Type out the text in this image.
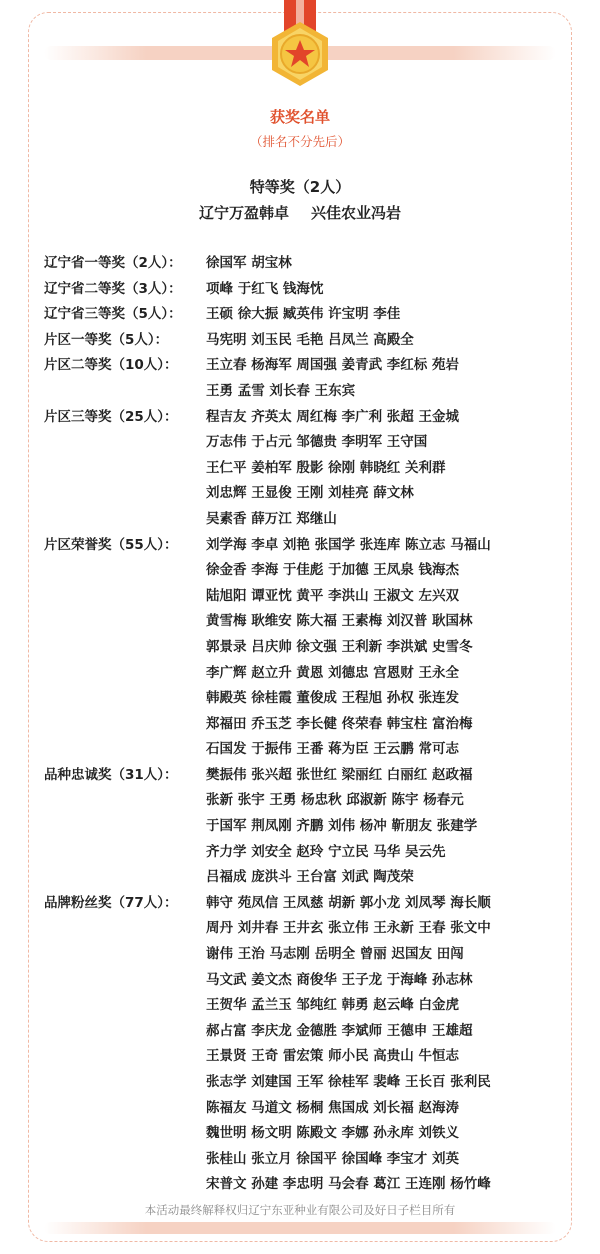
获奖名单
（排名不分先后）
特等奖（2人）
辽宁万盈韩卓 兴佳农业冯岩
辽宁省一等奖（2人）：	徐国军 胡宝林
辽宁省二等奖（3人）：	项峰 于红飞 钱海忱
辽宁省三等奖（5人）：	王硕 徐大振 臧英伟 许宝明 李佳
片区一等奖（5人）：	马宪明 刘玉民 毛艳 吕凤兰 高殿全
片区二等奖（10人）：	王立春 杨海军 周国强 姜青武 李红标 苑岩
王勇 孟雪 刘长春 王东宾
片区三等奖（25人）：	程吉友 齐英太 周红梅 李广利 张超 王金城
万志伟 于占元 邹德贵 李明军 王守国
王仁平 姜柏军 殷影 徐刚 韩晓红 关利群
刘忠辉 王显俊 王刚 刘桂亮 薛文林
吴素香 薛万江 郑继山
片区荣誉奖（55人）：	刘学海 李卓 刘艳 张国学 张连库 陈立志 马福山
徐金香 李海 于佳彪 于加德 王凤泉 钱海杰
陆旭阳 谭亚忱 黄平 李洪山 王淑文 左兴双
黄雪梅 耿维安 陈大福 王素梅 刘汉普 耿国林
郭景录 吕庆帅 徐文强 王利新 李洪斌 史雪冬
李广辉 赵立升 黄恩 刘德忠 宫恩财 王永全
韩殿英 徐桂霞 董俊成 王程旭 孙权 张连发
郑福田 乔玉芝 李长健 佟荣春 韩宝柱 富治梅
石国发 于振伟 王番 蒋为臣 王云鹏 常可志
品种忠诚奖（31人）：	樊振伟 张兴超 张世红 梁丽红 白丽红 赵政福
张新 张宇 王勇 杨忠秋 邱淑新 陈宇 杨春元
于国军 荆凤刚 齐鹏 刘伟 杨冲 靳朋友 张建学
齐力学 刘安全 赵玲 宁立民 马华 吴云先
吕福成 庞洪斗 王台富 刘武 陶茂荣
品牌粉丝奖（77人）：	韩守 苑凤信 王凤慈 胡新 郭小龙 刘凤琴 海长顺
周丹 刘井春 王井玄 张立伟 王永新 王春 张文中
谢伟 王治 马志刚 岳明全 曾丽 迟国友 田闯
马文武 姜文杰 商俊华 王子龙 于海峰 孙志林
王贺华 孟兰玉 邹纯红 韩勇 赵云峰 白金虎
郝占富 李庆龙 金德胜 李斌师 王德申 王雄超
王景贤 王奇 雷宏策 师小民 高贵山 牛恒志
张志学 刘建国 王军 徐桂军 裴峰 王长百 张利民
陈福友 马道文 杨桐 焦国成 刘长福 赵海涛
魏世明 杨文明 陈殿文 李娜 孙永库 刘铁义
张桂山 张立月 徐国平 徐国峰 李宝才 刘英
宋普文 孙建 李忠明 马会春 葛江 王连刚 杨竹峰
本活动最终解释权归辽宁东亚种业有限公司及好日子栏目所有
